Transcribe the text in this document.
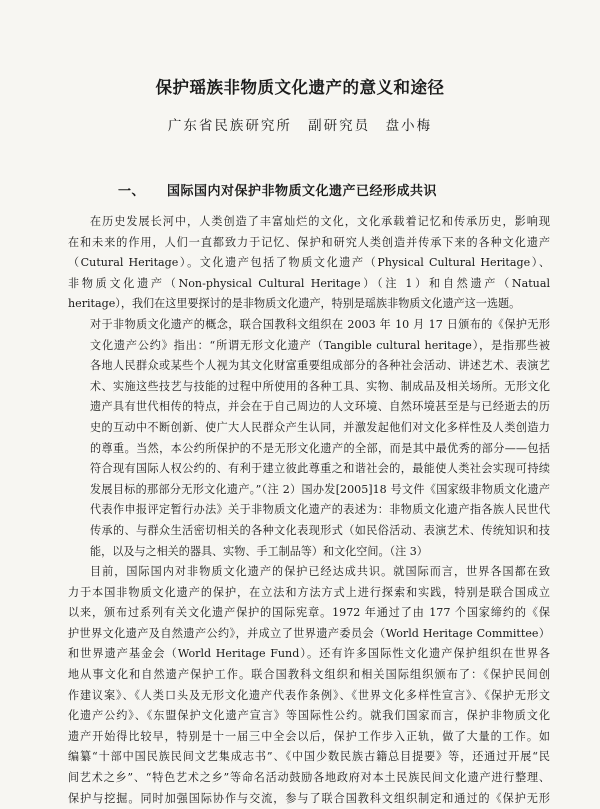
保护瑶族非物质文化遗产的意义和途径
广东省民族研究所 副研究员　盘小梅
一、 国际国内对保护非物质文化遗产已经形成共识
在历史发展长河中，人类创造了丰富灿烂的文化，文化承载着记忆和传承历史，影响现
在和未来的作用，人们一直都致力于记忆、保护和研究人类创造并传承下来的各种文化遗产
（Cutural Heritage）。文化遗产包括了物质文化遗产（Physical Cultural Heritage）、
非物质文化遗产（Non-physical Cultural Heritage）（注 1）和自然遗产（Natual
heritage），我们在这里要探讨的是非物质文化遗产，特别是瑶族非物质文化遗产这一选题。
对于非物质文化遗产的概念，联合国教科文组织在 2003 年 10 月 17 日颁布的《保护无形
文化遗产公约》指出：“所谓无形文化遗产（Tangible cultural heritage），是指那些被
各地人民群众或某些个人视为其文化财富重要组成部分的各种社会活动、讲述艺术、表演艺
术、实施这些技艺与技能的过程中所使用的各种工具、实物、制成品及相关场所。无形文化
遗产具有世代相传的特点，并会在于自己周边的人文环境、自然环境甚至是与已经逝去的历
史的互动中不断创新、使广大人民群众产生认同，并激发起他们对文化多样性及人类创造力
的尊重。当然，本公约所保护的不是无形文化遗产的全部，而是其中最优秀的部分——包括
符合现有国际人权公约的、有利于建立彼此尊重之和谐社会的，最能使人类社会实现可持续
发展目标的那部分无形文化遗产。”（注 2）国办发[2005]18 号文件《国家级非物质文化遗产
代表作申报评定暂行办法》关于非物质文化遗产的表述为：非物质文化遗产指各族人民世代
传承的、与群众生活密切相关的各种文化表现形式（如民俗活动、表演艺术、传统知识和技
能，以及与之相关的器具、实物、手工制品等）和文化空间。（注 3）
目前，国际国内对非物质文化遗产的保护已经达成共识。就国际而言，世界各国都在致
力于本国非物质文化遗产的保护，在立法和方法方式上进行探索和实践，特别是联合国成立
以来，颁布过系列有关文化遗产保护的国际宪章。1972 年通过了由 177 个国家缔约的《保
护世界文化遗产及自然遗产公约》，并成立了世界遗产委员会（World Heritage Committee）
和世界遗产基金会（World Heritage Fund）。还有许多国际性文化遗产保护组织在世界各
地从事文化和自然遗产保护工作。联合国教科文组织和相关国际组织颁布了：《保护民间创
作建议案》、《人类口头及无形文化遗产代表作条例》、《世界文化多样性宣言》、《保护无形文
化遗产公约》、《东盟保护文化遗产宣言》等国际性公约。就我们国家而言，保护非物质文化
遗产开始得比较早，特别是十一届三中全会以后，保护工作步入正轨，做了大量的工作。如
编纂“十部中国民族民间文艺集成志书”、《中国少数民族古籍总目提要》等，还通过开展“民
间艺术之乡”、“特色艺术之乡”等命名活动鼓励各地政府对本土民族民间文化遗产进行整理、
保护与挖掘。同时加强国际协作与交流，参与了联合国教科文组织制定和通过的《保护无形
